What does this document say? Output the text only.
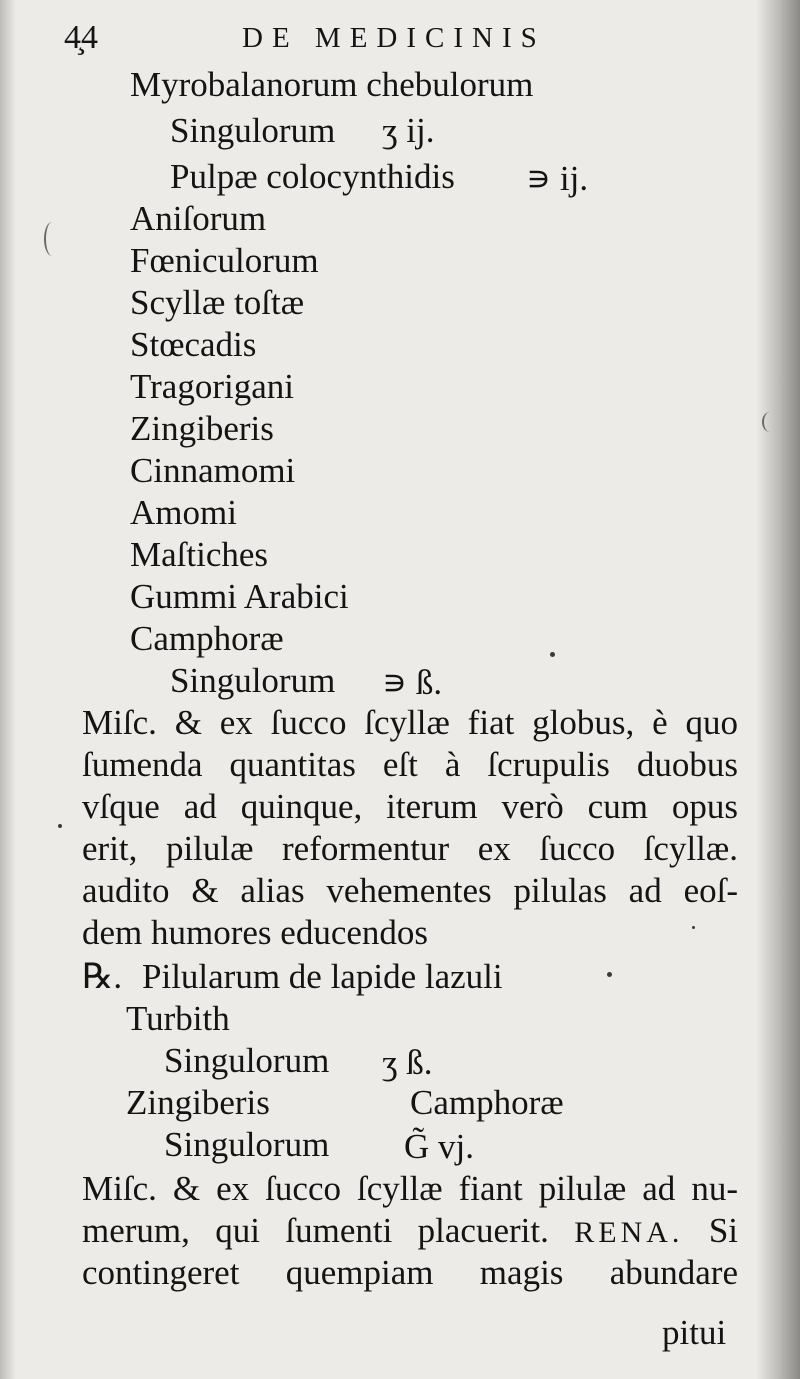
4̧4	DE MEDICINIS
Myrobalanorum chebulorum
Singulorum ʒ ij.
Pulpæ colocynthidis ∍ ij.
Aniſorum
Fœniculorum
Scyllæ toſtæ
Stœcadis
Tragorigani
Zingiberis
Cinnamomi
Amomi
Maſtiches
Gummi Arabici
Camphoræ
Singulorum ∍ ß.
Miſc. & ex ſucco ſcyllæ fiat globus, è quo
ſumenda quantitas eſt à ſcrupulis duobus
vſque ad quinque, iterum verò cum opus
erit, pilulæ reformentur ex ſucco ſcyllæ.
audito & alias vehementes pilulas ad eoſ-
dem humores educendos
℞. Pilularum de lapide lazuli
Turbith
Singulorum ʒ ß.
Zingiberis	Camphoræ
Singulorum G̃ vj.
Miſc. & ex ſucco ſcyllæ fiant pilulæ ad nu-
merum, qui ſumenti placuerit. RENA. Si
contingeret quempiam magis abundare
pitui
